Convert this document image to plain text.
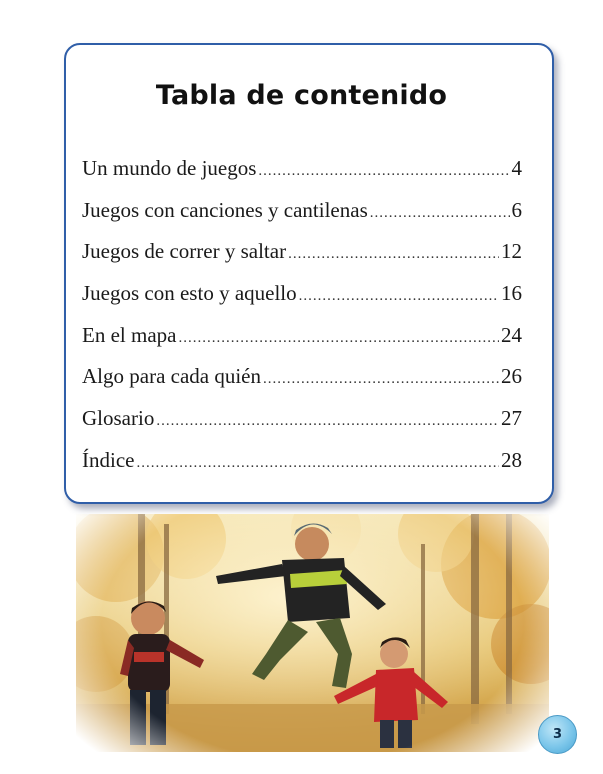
Tabla de contenido
Un mundo de juegos .....	4
Juegos con canciones y cantilenas .....	6
Juegos de correr y saltar .....	12
Juegos con esto y aquello .....	16
En el mapa .....	24
Algo para cada quién .....	26
Glosario .....	27
Índice .....	28
3
